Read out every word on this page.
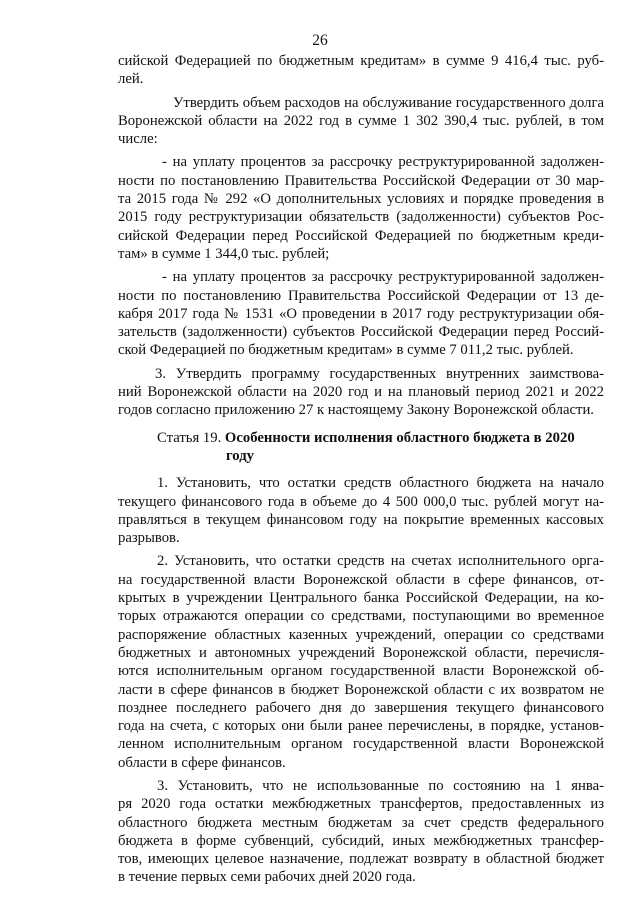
26
сийской Федерацией по бюджетным кредитам» в сумме 9 416,4 тыс. руб-
лей.
Утвердить объем расходов на обслуживание государственного долга
Воронежской области на 2022 год в сумме 1 302 390,4 тыс. рублей, в том
числе:
- на уплату процентов за рассрочку реструктурированной задолжен-
ности по постановлению Правительства Российской Федерации от 30 мар-
та 2015 года № 292 «О дополнительных условиях и порядке проведения в
2015 году реструктуризации обязательств (задолженности) субъектов Рос-
сийской Федерации перед Российской Федерацией по бюджетным креди-
там» в сумме 1 344,0 тыс. рублей;
- на уплату процентов за рассрочку реструктурированной задолжен-
ности по постановлению Правительства Российской Федерации от 13 де-
кабря 2017 года № 1531 «О проведении в 2017 году реструктуризации обя-
зательств (задолженности) субъектов Российской Федерации перед Россий-
ской Федерацией по бюджетным кредитам» в сумме 7 011,2 тыс. рублей.
3. Утвердить программу государственных внутренних заимствова-
ний Воронежской области на 2020 год и на плановый период 2021 и 2022
годов согласно приложению 27 к настоящему Закону Воронежской области.
Статья 19. Особенности исполнения областного бюджета в 2020
году
1. Установить, что остатки средств областного бюджета на начало
текущего финансового года в объеме до 4 500 000,0 тыс. рублей могут на-
правляться в текущем финансовом году на покрытие временных кассовых
разрывов.
2. Установить, что остатки средств на счетах исполнительного орга-
на государственной власти Воронежской области в сфере финансов, от-
крытых в учреждении Центрального банка Российской Федерации, на ко-
торых отражаются операции со средствами, поступающими во временное
распоряжение областных казенных учреждений, операции со средствами
бюджетных и автономных учреждений Воронежской области, перечисля-
ются исполнительным органом государственной власти Воронежской об-
ласти в сфере финансов в бюджет Воронежской области с их возвратом не
позднее последнего рабочего дня до завершения текущего финансового
года на счета, с которых они были ранее перечислены, в порядке, установ-
ленном исполнительным органом государственной власти Воронежской
области в сфере финансов.
3. Установить, что не использованные по состоянию на 1 янва-
ря 2020 года остатки межбюджетных трансфертов, предоставленных из
областного бюджета местным бюджетам за счет средств федерального
бюджета в форме субвенций, субсидий, иных межбюджетных трансфер-
тов, имеющих целевое назначение, подлежат возврату в областной бюджет
в течение первых семи рабочих дней 2020 года.
